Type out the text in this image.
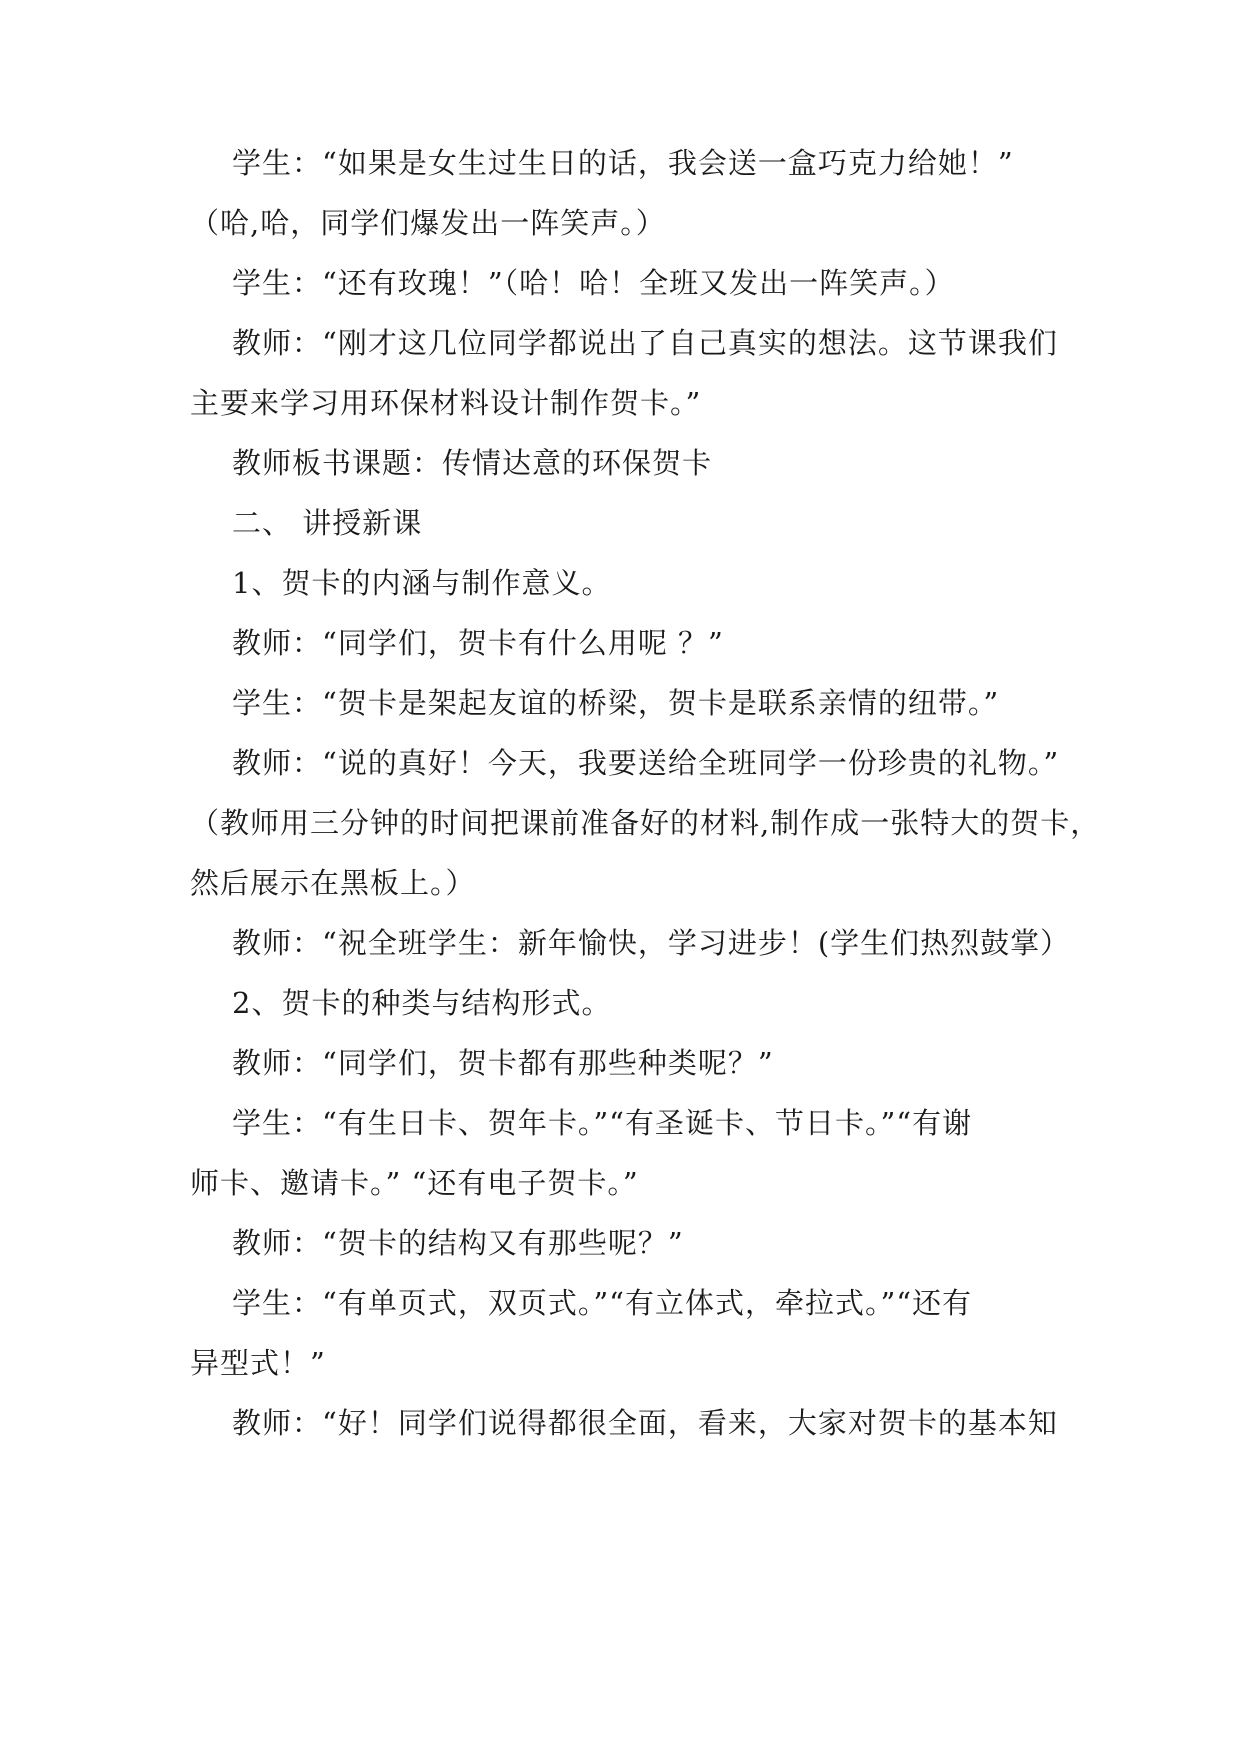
学生：“如果是女生过生日的话，我会送一盒巧克力给她！”
（哈,哈，同学们爆发出一阵笑声。）
学生：“还有玫瑰！”（哈！哈！全班又发出一阵笑声。）
教师：“刚才这几位同学都说出了自己真实的想法。这节课我们
主要来学习用环保材料设计制作贺卡。”
教师板书课题：传情达意的环保贺卡
二、 讲授新课
1、贺卡的内涵与制作意义。
教师：“同学们，贺卡有什么用呢 ？”
学生：“贺卡是架起友谊的桥梁，贺卡是联系亲情的纽带。”
教师：“说的真好！今天，我要送给全班同学一份珍贵的礼物。”
（教师用三分钟的时间把课前准备好的材料,制作成一张特大的贺卡，
然后展示在黑板上。）
教师：“祝全班学生：新年愉快，学习进步！(学生们热烈鼓掌）
2、贺卡的种类与结构形式。
教师：“同学们，贺卡都有那些种类呢？”
学生：“有生日卡、贺年卡。”“有圣诞卡、节日卡。”“有谢
师卡、邀请卡。” “还有电子贺卡。”
教师：“贺卡的结构又有那些呢？”
学生：“有单页式，双页式。”“有立体式，牵拉式。”“还有
异型式！”
教师：“好！同学们说得都很全面，看来，大家对贺卡的基本知
